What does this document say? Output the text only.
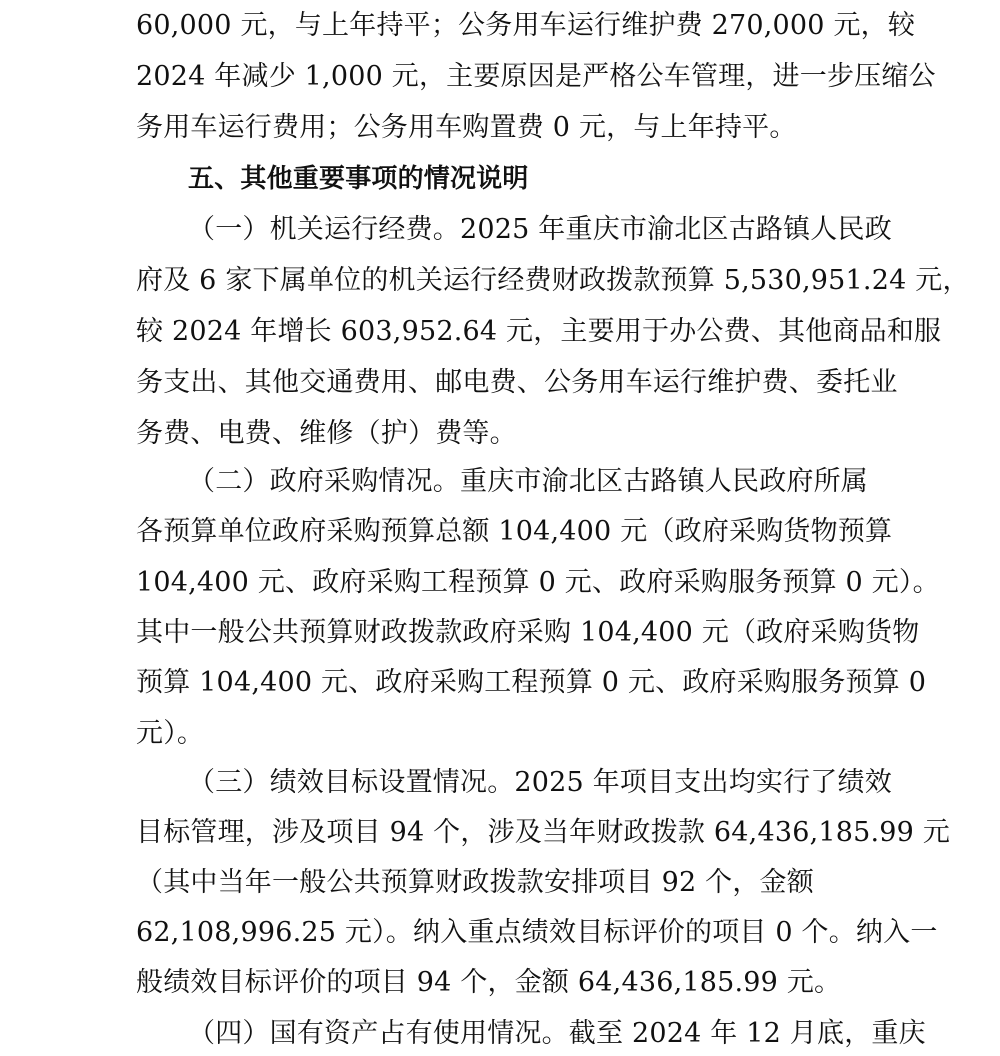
60,000 元，与上年持平；公务用车运行维护费 270,000 元，较
2024 年减少 1,000 元，主要原因是严格公车管理，进一步压缩公
务用车运行费用；公务用车购置费 0 元，与上年持平。
五、其他重要事项的情况说明
（一）机关运行经费。2025 年重庆市渝北区古路镇人民政
府及 6 家下属单位的机关运行经费财政拨款预算 5,530,951.24 元，
较 2024 年增长 603,952.64 元，主要用于办公费、其他商品和服
务支出、其他交通费用、邮电费、公务用车运行维护费、委托业
务费、电费、维修（护）费等。
（二）政府采购情况。重庆市渝北区古路镇人民政府所属
各预算单位政府采购预算总额 104,400 元（政府采购货物预算
104,400 元、政府采购工程预算 0 元、政府采购服务预算 0 元）。
其中一般公共预算财政拨款政府采购 104,400 元（政府采购货物
预算 104,400 元、政府采购工程预算 0 元、政府采购服务预算 0
元）。
（三）绩效目标设置情况。2025 年项目支出均实行了绩效
目标管理，涉及项目 94 个，涉及当年财政拨款 64,436,185.99 元
（其中当年一般公共预算财政拨款安排项目 92 个，金额
62,108,996.25 元）。纳入重点绩效目标评价的项目 0 个。纳入一
般绩效目标评价的项目 94 个，金额 64,436,185.99 元。
（四）国有资产占有使用情况。截至 2024 年 12 月底，重庆
